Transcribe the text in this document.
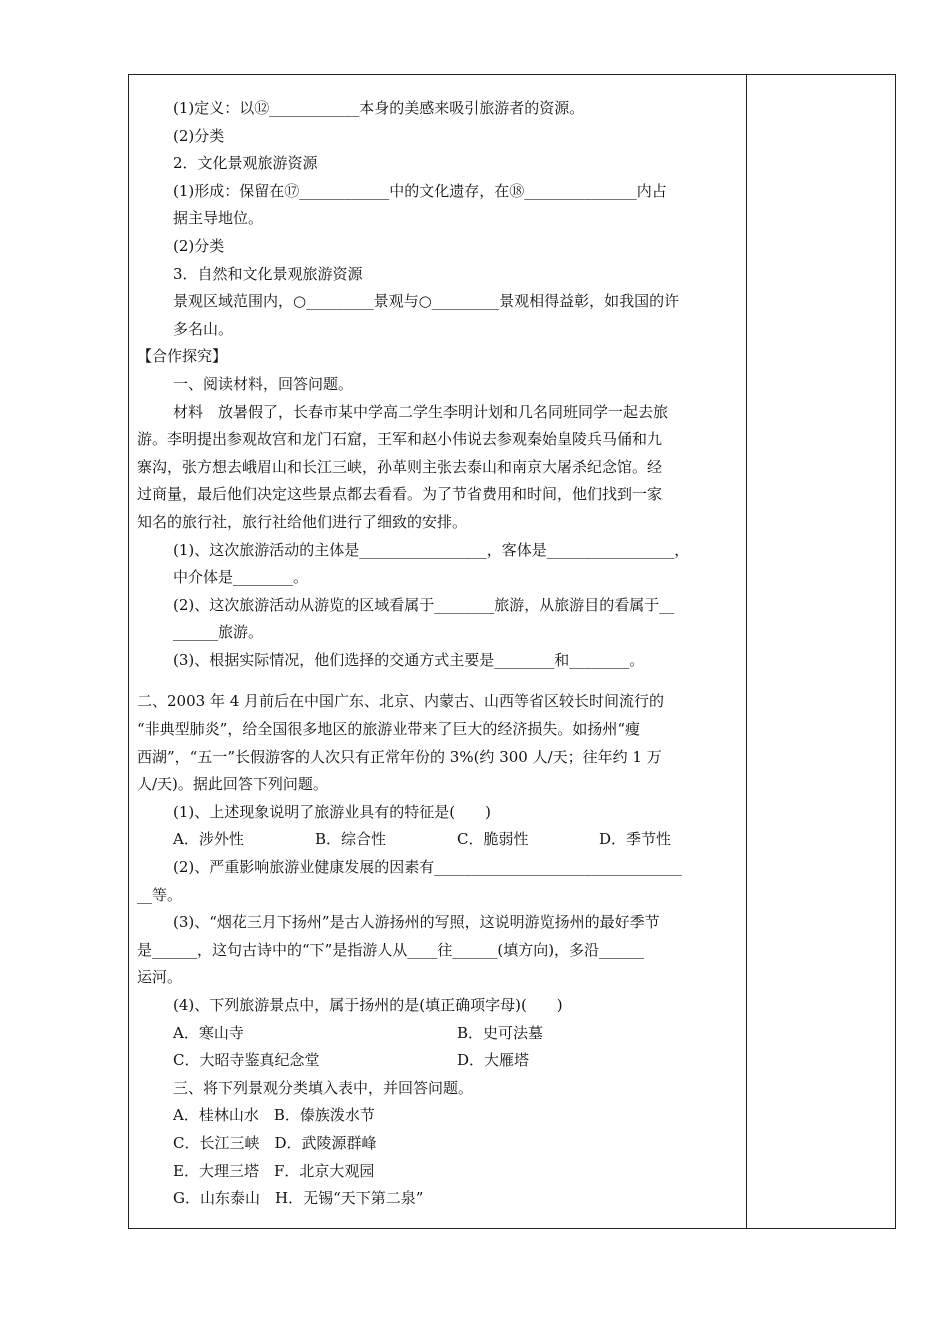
(1)定义：以⑫____________本身的美感来吸引旅游者的资源。

(2)分类

2．文化景观旅游资源

(1)形成：保留在⑰____________中的文化遗存，在⑱_______________内占

据主导地位。

(2)分类

3．自然和文化景观旅游资源

景观区域范围内，○_________景观与○_________景观相得益彰，如我国的许

多名山。

【合作探究】

一、阅读材料，回答问题。

材料　放暑假了，长春市某中学高二学生李明计划和几名同班同学一起去旅

游。李明提出参观故宫和龙门石窟，王军和赵小伟说去参观秦始皇陵兵马俑和九

寨沟，张方想去峨眉山和长江三峡，孙革则主张去泰山和南京大屠杀纪念馆。经

过商量，最后他们决定这些景点都去看看。为了节省费用和时间，他们找到一家

知名的旅行社，旅行社给他们进行了细致的安排。

(1)、这次旅游活动的主体是_________________，客体是_________________，

中介体是________。

(2)、这次旅游活动从游览的区域看属于________旅游，从旅游目的看属于__

______旅游。

(3)、根据实际情况，他们选择的交通方式主要是________和________。

二、2003 年 4 月前后在中国广东、北京、内蒙古、山西等省区较长时间流行的

“非典型肺炎”，给全国很多地区的旅游业带来了巨大的经济损失。如扬州“瘦

西湖”，“五一”长假游客的人次只有正常年份的 3%(约 300 人/天；往年约 1 万

人/天)。据此回答下列问题。

(1)、上述现象说明了旅游业具有的特征是(　　)

A．涉外性	B．综合性	C．脆弱性	D．季节性

(2)、严重影响旅游业健康发展的因素有_________________________________

__等。

(3)、“烟花三月下扬州”是古人游扬州的写照，这说明游览扬州的最好季节

是______，这句古诗中的“下”是指游人从____往______(填方向)，多沿______

运河。

(4)、下列旅游景点中，属于扬州的是(填正确项字母)(　　)

A．寒山寺	B．史可法墓
C．大昭寺鉴真纪念堂	D．大雁塔

三、将下列景观分类填入表中，并回答问题。

A．桂林山水　B．傣族泼水节

C．长江三峡　D．武陵源群峰

E．大理三塔　F．北京大观园

G．山东泰山　H．无锡“天下第二泉”
